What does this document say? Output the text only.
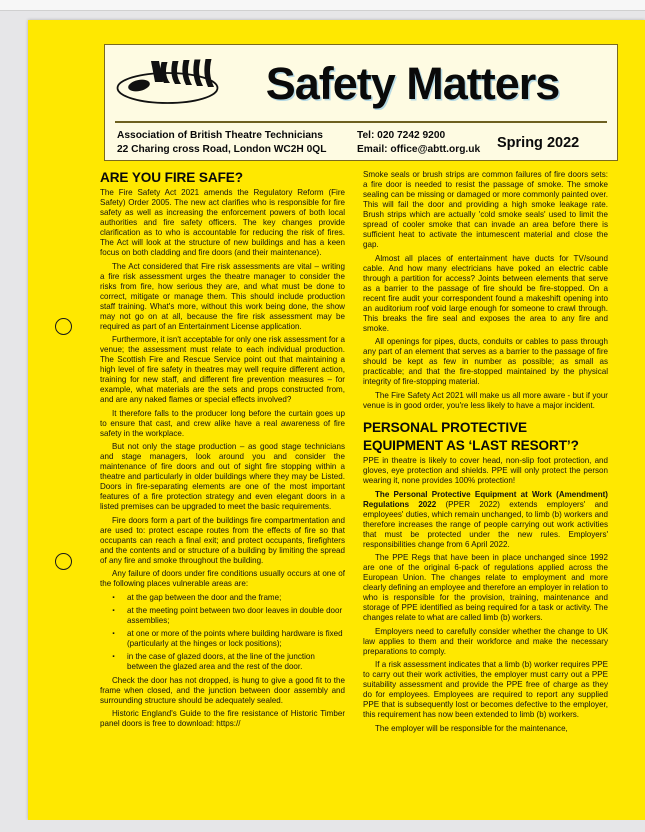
Safety Matters
Association of British Theatre Technicians
22 Charing cross Road, London WC2H 0QL
Tel: 020 7242 9200
Email: office@abtt.org.uk	Spring 2022
ARE YOU FIRE SAFE?

The Fire Safety Act 2021 amends the Regulatory Reform (Fire Safety) Order 2005. The new act clarifies who is responsible for fire safety as well as increasing the enforcement powers of both local authorities and fire safety officers. The key changes provide clarification as to who is accountable for reducing the risk of fires. The Act will look at the structure of new buildings and has a keen focus on both cladding and fire doors (and their maintenance).

The Act considered that Fire risk assessments are vital – writing a fire risk assessment urges the theatre manager to consider the risks from fire, how serious they are, and what must be done to correct, mitigate or manage them. This should include production staff training. What's more, without this work being done, the show may not go on at all, because the fire risk assessment may be required as part of an Entertainment License application.

Furthermore, it isn't acceptable for only one risk assessment for a venue; the assessment must relate to each individual production. The Scottish Fire and Rescue Service point out that maintaining a high level of fire safety in theatres may well require different action, training for new staff, and different fire prevention measures – for example, what materials are the sets and props constructed from, and are any naked flames or special effects involved?

It therefore falls to the producer long before the curtain goes up to ensure that cast, and crew alike have a real awareness of fire safety in the workplace.

But not only the stage production – as good stage technicians and stage managers, look around you and consider the maintenance of fire doors and out of sight fire stopping within a theatre and particularly in older buildings where they may be Listed. Doors in fire-separating elements are one of the most important features of a fire protection strategy and even elegant doors in a listed premises can be upgraded to meet the basic requirements.

Fire doors form a part of the buildings fire compartmentation and are used to: protect escape routes from the effects of fire so that occupants can reach a final exit; and protect occupants, firefighters and the contents and or structure of a building by limiting the spread of any fire and smoke throughout the building.

Any failure of doors under fire conditions usually occurs at one of the following places vulnerable areas are:

· at the gap between the door and the frame;
· at the meeting point between two door leaves in double door assemblies;
· at one or more of the points where building hardware is fixed (particularly at the hinges or lock positions);
· in the case of glazed doors, at the line of the junction between the glazed area and the rest of the door.

Check the door has not dropped, is hung to give a good fit to the frame when closed, and the junction between door assembly and surrounding structure should be adequately sealed.

Historic England's Guide to the fire resistance of Historic Timber panel doors is free to download: https://

Smoke seals or brush strips are common failures of fire doors sets: a fire door is needed to resist the passage of smoke. The smoke sealing can be missing or damaged or more commonly painted over. This will fail the door and providing a high smoke leakage rate. Brush strips which are actually 'cold smoke seals' used to limit the spread of cooler smoke that can invade an area before there is sufficient heat to activate the intumescent material and close the gap.

Almost all places of entertainment have ducts for TV/sound cable. And how many electricians have poked an electric cable through a partition for access? Joints between elements that serve as a barrier to the passage of fire should be fire-stopped. On a recent fire audit your correspondent found a makeshift opening into an auditorium roof void large enough for someone to crawl through. This breaks the fire seal and exposes the area to any fire and smoke.

All openings for pipes, ducts, conduits or cables to pass through any part of an element that serves as a barrier to the passage of fire should be kept as few in number as possible; as small as practicable; and that the fire-stopped maintained by the physical integrity of fire-stopping material.

The Fire Safety Act 2021 will make us all more aware - but if your venue is in good order, you're less likely to have a major incident.

PERSONAL PROTECTIVE
EQUIPMENT AS ‘LAST RESORT’?

PPE in theatre is likely to cover head, non-slip foot protection, and gloves, eye protection and shields. PPE will only protect the person wearing it, none provides 100% protection!

The Personal Protective Equipment at Work (Amendment) Regulations 2022 (PPER 2022) extends employers' and employees' duties, which remain unchanged, to limb (b) workers and therefore increases the range of people carrying out work activities that must be protected under the new rules. Employers' responsibilities change from 6 April 2022.

The PPE Regs that have been in place unchanged since 1992 are one of the original 6-pack of regulations applied across the European Union. The changes relate to employment and more clearly defining an employee and therefore an employer in relation to who is responsible for the provision, training, maintenance and storage of PPE identified as being required for a task or activity. The changes relate to what are called limb (b) workers.

Employers need to carefully consider whether the change to UK law applies to them and their workforce and make the necessary preparations to comply.

If a risk assessment indicates that a limb (b) worker requires PPE to carry out their work activities, the employer must carry out a PPE suitability assessment and provide the PPE free of charge as they do for employees. Employees are required to report any supplied PPE that is subsequently lost or becomes defective to the employer, this requirement has now been extended to limb (b) workers.

The employer will be responsible for the maintenance,
